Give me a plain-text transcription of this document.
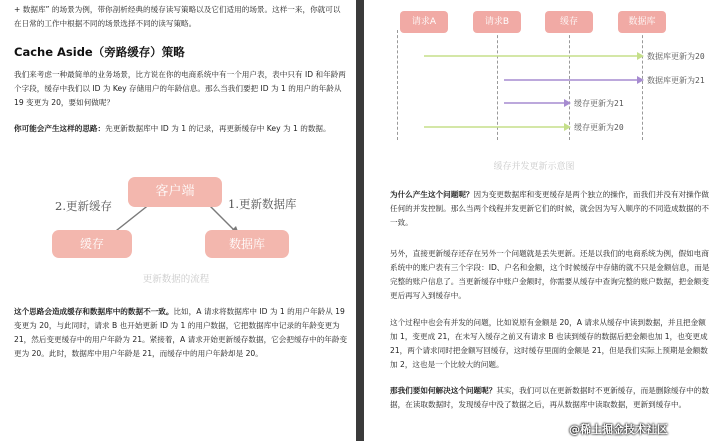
+ 数据库” 的场景为例，带你剖析经典的缓存读写策略以及它们适用的场景。这样一来，你就可以在日常的工作中根据不同的场景选择不同的读写策略。

Cache Aside（旁路缓存）策略

我们来考虑一种最简单的业务场景，比方说在你的电商系统中有一个用户表，表中只有 ID 和年龄两个字段，缓存中我们以 ID 为 Key 存储用户的年龄信息。那么当我们要把 ID 为 1 的用户的年龄从 19 变更为 20，要如何做呢？

你可能会产生这样的思路：先更新数据库中 ID 为 1 的记录，再更新缓存中 Key 为 1 的数据。

客户端
缓存	数据库
2.更新缓存	1.更新数据库
更新数据的流程

这个思路会造成缓存和数据库中的数据不一致。比如，A 请求将数据库中 ID 为 1 的用户年龄从 19 变更为 20，与此同时，请求 B 也开始更新 ID 为 1 的用户数据，它把数据库中记录的年龄变更为 21，然后变更缓存中的用户年龄为 21。紧接着，A 请求开始更新缓存数据，它会把缓存中的年龄变更为 20。此时，数据库中用户年龄是 21，而缓存中的用户年龄却是 20。

请求A	请求B	缓存	数据库
数据库更新为20
数据库更新为21
缓存更新为21
缓存更新为20
缓存并发更新示意图

为什么产生这个问题呢？因为变更数据库和变更缓存是两个独立的操作，而我们并没有对操作做任何的并发控制。那么当两个线程并发更新它们的时候，就会因为写入顺序的不同造成数据的不一致。

另外，直接更新缓存还存在另外一个问题就是丢失更新。还是以我们的电商系统为例，假如电商系统中的账户表有三个字段：ID、户名和金额，这个时候缓存中存储的就不只是金额信息，而是完整的账户信息了。当更新缓存中账户金额时，你需要从缓存中查询完整的账户数据，把金额变更后再写入到缓存中。

这个过程中也会有并发的问题，比如说原有金额是 20，A 请求从缓存中读到数据，并且把金额加 1，变更成 21，在未写入缓存之前又有请求 B 也读到缓存的数据后把金额也加 1，也变更成 21，两个请求同时把金额写回缓存，这时缓存里面的金额是 21，但是我们实际上预期是金额数加 2，这也是一个比较大的问题。

那我们要如何解决这个问题呢？其实，我们可以在更新数据时不更新缓存，而是删除缓存中的数据，在读取数据时，发现缓存中没了数据之后，再从数据库中读取数据，更新到缓存中。

@稀土掘金技术社区
